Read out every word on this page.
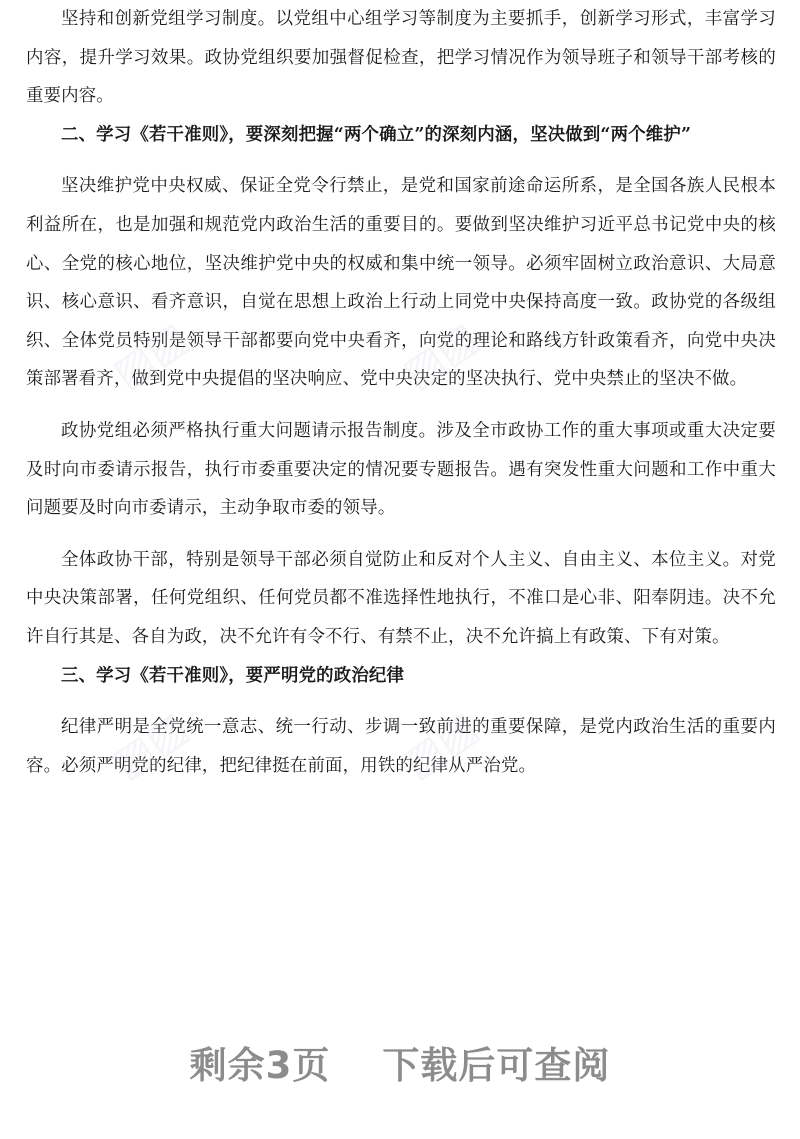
坚持和创新党组学习制度。以党组中心组学习等制度为主要抓手，创新学习形式，丰富学习内容，提升学习效果。政协党组织要加强督促检查，把学习情况作为领导班子和领导干部考核的重要内容。

二、学习《若干准则》，要深刻把握“两个确立”的深刻内涵，坚决做到“两个维护”

坚决维护党中央权威、保证全党令行禁止，是党和国家前途命运所系，是全国各族人民根本利益所在，也是加强和规范党内政治生活的重要目的。要做到坚决维护习近平总书记党中央的核心、全党的核心地位，坚决维护党中央的权威和集中统一领导。必须牢固树立政治意识、大局意识、核心意识、看齐意识，自觉在思想上政治上行动上同党中央保持高度一致。政协党的各级组织、全体党员特别是领导干部都要向党中央看齐，向党的理论和路线方针政策看齐，向党中央决策部署看齐，做到党中央提倡的坚决响应、党中央决定的坚决执行、党中央禁止的坚决不做。

政协党组必须严格执行重大问题请示报告制度。涉及全市政协工作的重大事项或重大决定要及时向市委请示报告，执行市委重要决定的情况要专题报告。遇有突发性重大问题和工作中重大问题要及时向市委请示，主动争取市委的领导。

全体政协干部，特别是领导干部必须自觉防止和反对个人主义、自由主义、本位主义。对党中央决策部署，任何党组织、任何党员都不准选择性地执行，不准口是心非、阳奉阴违。决不允许自行其是、各自为政，决不允许有令不行、有禁不止，决不允许搞上有政策、下有对策。

三、学习《若干准则》，要严明党的政治纪律

纪律严明是全党统一意志、统一行动、步调一致前进的重要保障，是党内政治生活的重要内容。必须严明党的纪律，把纪律挺在前面，用铁的纪律从严治党。

▨▨	▨▨
▨▨	▨▨
剩余3页 下载后可查阅
